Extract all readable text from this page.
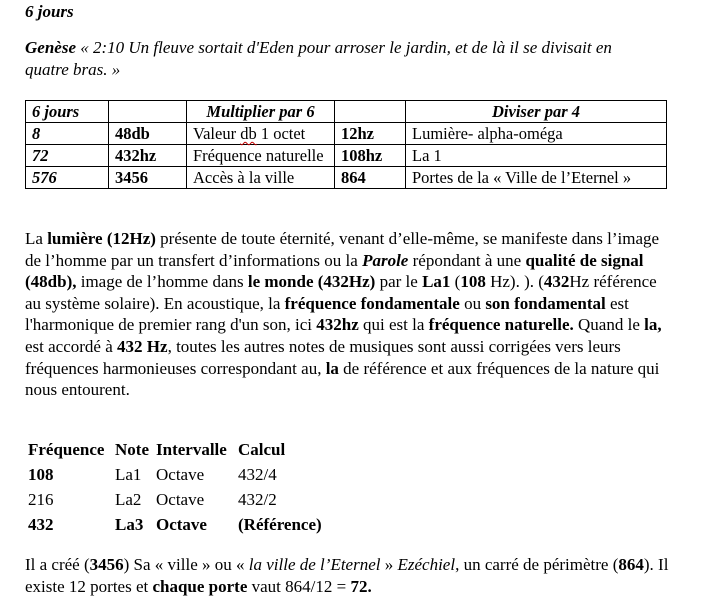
6 jours
Genèse « 2:10 Un fleuve sortait d'Eden pour arroser le jardin, et de là il se divisait en quatre bras. »
6 jours		Multiplier par 6		Diviser par 4
8	48db	Valeur db 1 octet	12hz	Lumière- alpha-oméga
72	432hz	Fréquence naturelle	108hz	La 1
576	3456	Accès à la ville	864	Portes de la « Ville de l’Eternel »
La lumière (12Hz) présente de toute éternité, venant d’elle-même, se manifeste dans l’image de l’homme par un transfert d’informations ou la Parole répondant à une qualité de signal (48db), image de l’homme dans le monde (432Hz) par le La1 (108 Hz). ). (432Hz référence au système solaire). En acoustique, la fréquence fondamentale ou son fondamental est l'harmonique de premier rang d'un son, ici 432hz qui est la fréquence naturelle. Quand le la, est accordé à 432 Hz, toutes les autres notes de musiques sont aussi corrigées vers leurs fréquences harmonieuses correspondant au, la de référence et aux fréquences de la nature qui nous entourent.
Fréquence	Note	Intervalle	Calcul
108	La1	Octave	432/4
216	La2	Octave	432/2
432	La3	Octave	(Référence)
Il a créé (3456) Sa « ville » ou « la ville de l’Eternel » Ezéchiel, un carré de périmètre (864). Il existe 12 portes et chaque porte vaut 864/12 = 72.
